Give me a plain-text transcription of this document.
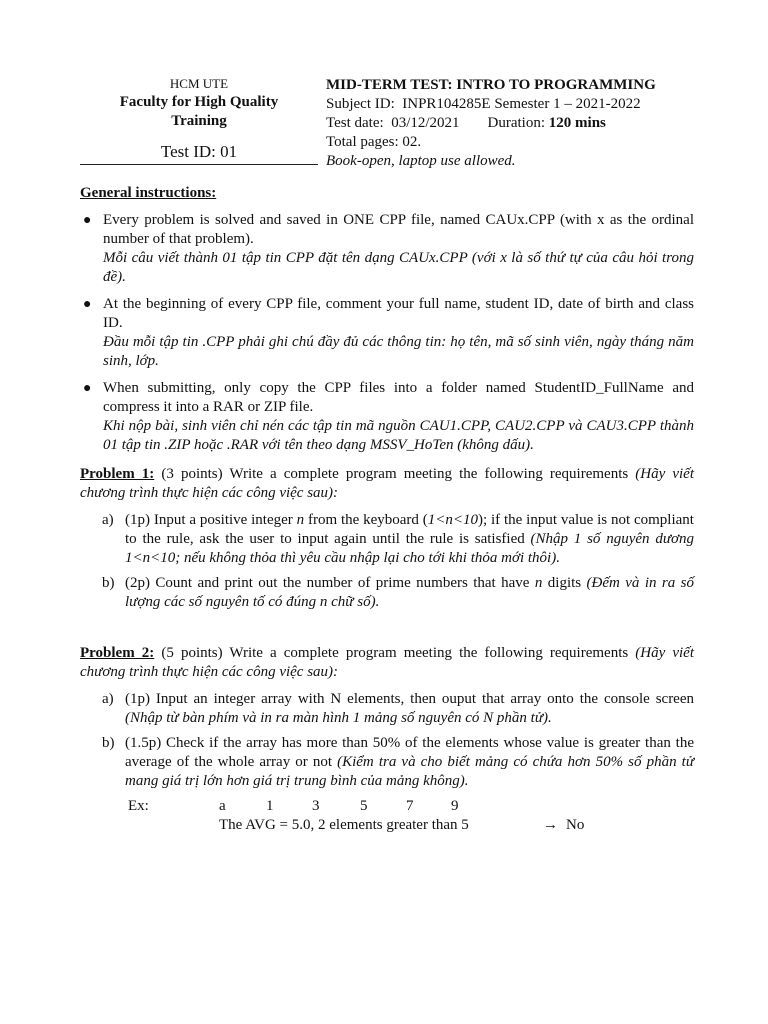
HCM UTE
Faculty for High Quality
Training
Test ID: 01
MID-TERM TEST: INTRO TO PROGRAMMING
Subject ID: INPR104285E Semester 1 – 2021-2022
Test date: 03/12/2021 Duration: 120 mins
Total pages: 02.
Book-open, laptop use allowed.
General instructions:
● Every problem is solved and saved in ONE CPP file, named CAUx.CPP (with x as the ordinal number of that problem).
Mỗi câu viết thành 01 tập tin CPP đặt tên dạng CAUx.CPP (với x là số thứ tự của câu hỏi trong đề).
● At the beginning of every CPP file, comment your full name, student ID, date of birth and class ID.
Đầu mỗi tập tin .CPP phải ghi chú đầy đủ các thông tin: họ tên, mã số sinh viên, ngày tháng năm sinh, lớp.
● When submitting, only copy the CPP files into a folder named StudentID_FullName and compress it into a RAR or ZIP file.
Khi nộp bài, sinh viên chỉ nén các tập tin mã nguồn CAU1.CPP, CAU2.CPP và CAU3.CPP thành 01 tập tin .ZIP hoặc .RAR với tên theo dạng MSSV_HoTen (không dấu).
Problem 1: (3 points) Write a complete program meeting the following requirements (Hãy viết chương trình thực hiện các công việc sau):
a) (1p) Input a positive integer n from the keyboard (1<n<10); if the input value is not compliant to the rule, ask the user to input again until the rule is satisfied (Nhập 1 số nguyên dương 1<n<10; nếu không thỏa thì yêu cầu nhập lại cho tới khi thỏa mới thôi).
b) (2p) Count and print out the number of prime numbers that have n digits (Đếm và in ra số lượng các số nguyên tố có đúng n chữ số).
Problem 2: (5 points) Write a complete program meeting the following requirements (Hãy viết chương trình thực hiện các công việc sau):
a) (1p) Input an integer array with N elements, then ouput that array onto the console screen (Nhập từ bàn phím và in ra màn hình 1 mảng số nguyên có N phần tử).
b) (1.5p) Check if the array has more than 50% of the elements whose value is greater than the average of the whole array or not (Kiểm tra và cho biết mảng có chứa hơn 50% số phần tử mang giá trị lớn hơn giá trị trung bình của mảng không).
Ex:	a	1	3	5	7	9
The AVG = 5.0, 2 elements greater than 5	→ No
